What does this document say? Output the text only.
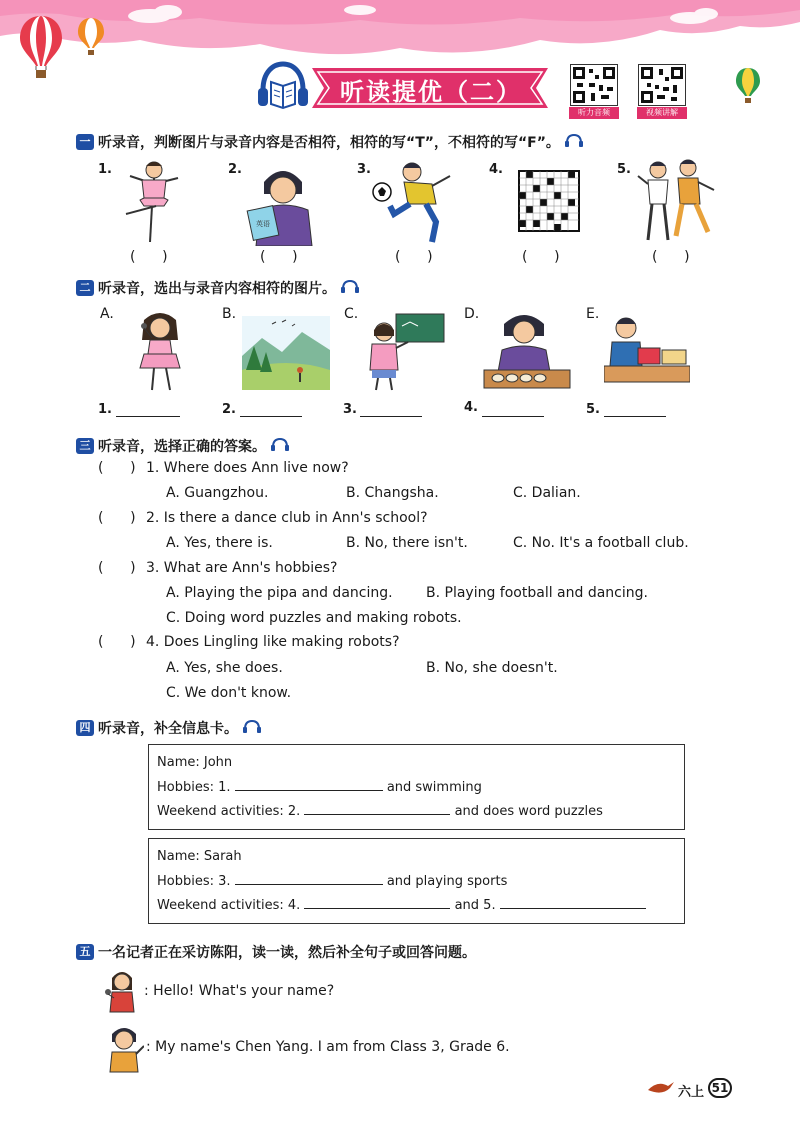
听读提优（二）
听力音频	视频讲解
一 听录音，判断图片与录音内容是否相符，相符的写“T”，不相符的写“F”。
1.	2.	3.	4.	5.
英语
(      )	(      )	(      )	(      )	(      )
二 听录音，选出与录音内容相符的图片。
A.	B.	C.	D.	E.
1.	2.	3.	4.	5.
三 听录音，选择正确的答案。
(      ) 1. Where does Ann live now?
A. Guangzhou.	B. Changsha.	C. Dalian.
(      ) 2. Is there a dance club in Ann's school?
A. Yes, there is.	B. No, there isn't.	C. No. It's a football club.
(      ) 3. What are Ann's hobbies?
A. Playing the pipa and dancing. B. Playing football and dancing.
C. Doing word puzzles and making robots.
(      ) 4. Does Lingling like making robots?
A. Yes, she does.	B. No, she doesn't.
C. We don't know.
四 听录音，补全信息卡。
Name: John
Hobbies: 1.	and swimming
Weekend activities: 2.	and does word puzzles
Name: Sarah
Hobbies: 3.	and playing sports
Weekend activities: 4.	and 5.
五 一名记者正在采访陈阳，读一读，然后补全句子或回答问题。
: Hello! What's your name?
: My name's Chen Yang. I am from Class 3, Grade 6.
六上 51
